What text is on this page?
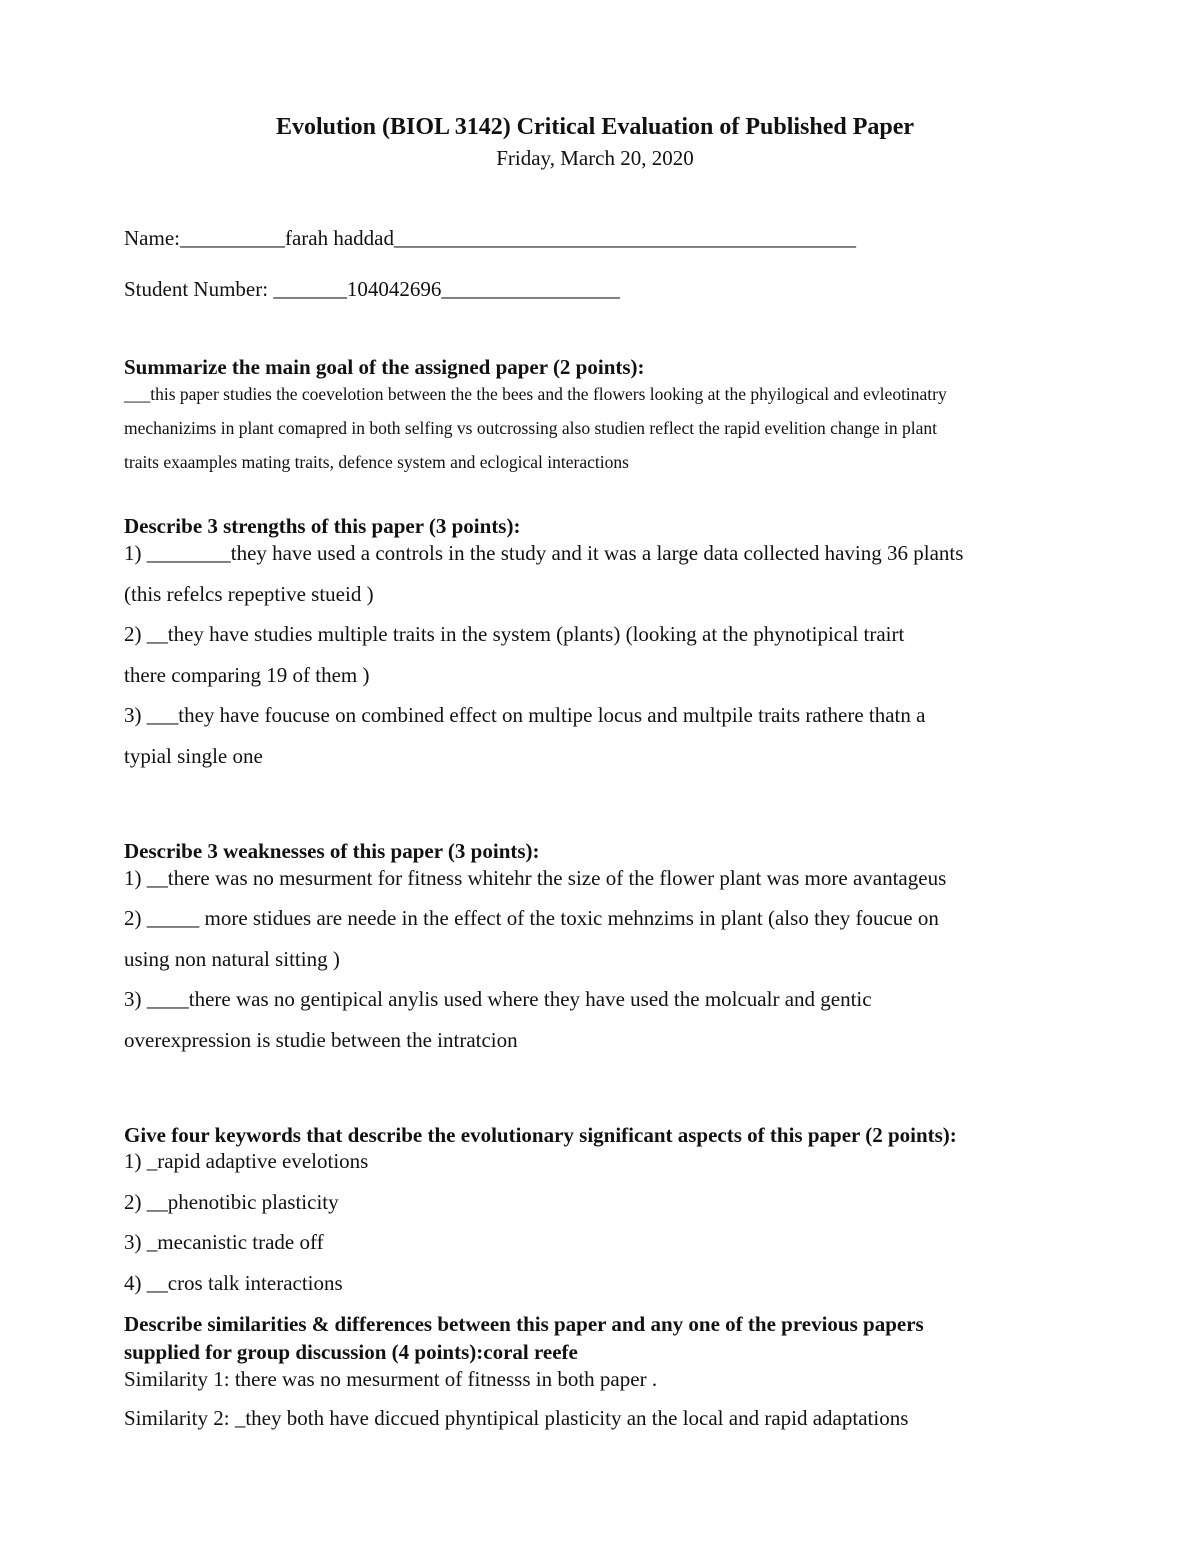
Evolution (BIOL 3142) Critical Evaluation of Published Paper
Friday, March 20, 2020
Name:__________farah haddad____________________________________________
Student Number: _______104042696_________________
Summarize the main goal of the assigned paper (2 points):
___this paper studies the coevelotion between the the bees and the flowers looking at the phyilogical and evleotinatry
mechanizims in plant comapred in both selfing vs outcrossing also studien reflect the rapid evelition change in plant
traits exaamples mating traits, defence system and eclogical interactions
Describe 3 strengths of this paper (3 points):
1) ________they have used a controls in the study and it was a large data collected having 36 plants
(this refelcs repeptive stueid )
2) __they have studies multiple traits in the system (plants) (looking at the phynotipical trairt
there comparing 19 of them )
3) ___they have foucuse on combined effect on multipe locus and multpile traits rathere thatn a
typial single one
Describe 3 weaknesses of this paper (3 points):
1) __there was no mesurment for fitness whitehr the size of the flower plant was more avantageus
2) _____ more stidues are neede in the effect of the toxic mehnzims in plant (also they foucue on
using non natural sitting )
3) ____there was no gentipical anylis used where they have used the molcualr and gentic
overexpression is studie between the intratcion
Give four keywords that describe the evolutionary significant aspects of this paper (2 points):
1) _rapid adaptive evelotions
2) __phenotibic plasticity
3) _mecanistic trade off
4) __cros talk interactions
Describe similarities & differences between this paper and any one of the previous papers
supplied for group discussion (4 points):coral reefe
Similarity 1: there was no mesurment of fitnesss in both paper .
Similarity 2: _they both have diccued phyntipical plasticity an the local and rapid adaptations
